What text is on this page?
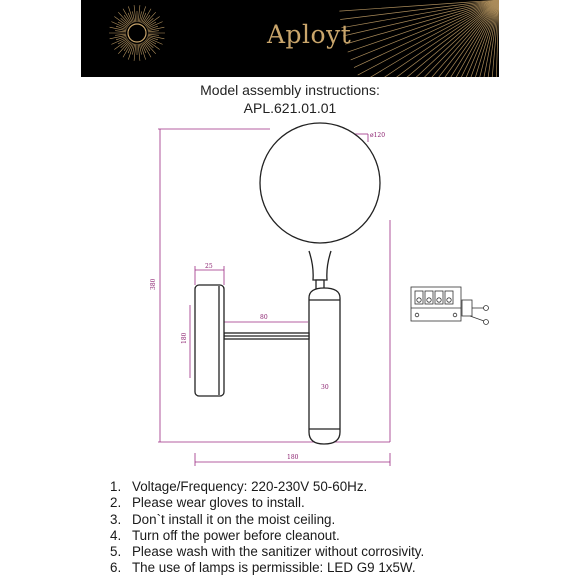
Aployt
Model assembly instructions:
APL.621.01.01
ø120
380
25
80
180
30
180
1. Voltage/Frequency: 220-230V 50-60Hz.
2. Please wear gloves to install.
3. Don`t install it on the moist ceiling.
4. Turn off the power before cleanout.
5. Please wash with the sanitizer without corrosivity.
6. The use of lamps is permissible: LED G9 1x5W.
